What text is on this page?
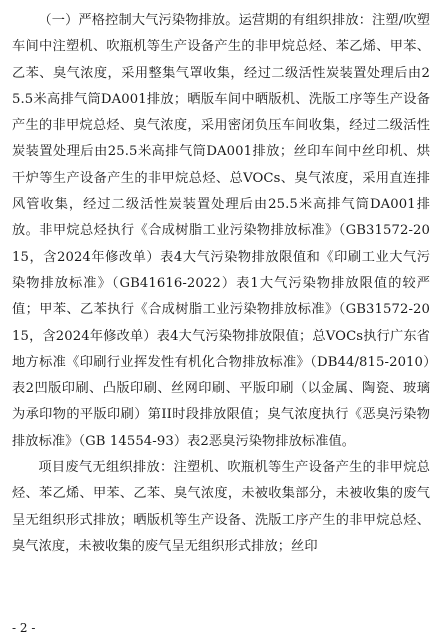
（一）严格控制大气污染物排放。运营期的有组织排放：注塑/吹塑车间中注塑机、吹瓶机等生产设备产生的非甲烷总烃、苯乙烯、甲苯、乙苯、臭气浓度，采用整集气罩收集，经过二级活性炭装置处理后由25.5米高排气筒DA001排放；晒版车间中晒版机、洗版工序等生产设备产生的非甲烷总烃、臭气浓度，采用密闭负压车间收集，经过二级活性炭装置处理后由25.5米高排气筒DA001排放；丝印车间中丝印机、烘干炉等生产设备产生的非甲烷总烃、总VOCs、臭气浓度，采用直连排风管收集，经过二级活性炭装置处理后由25.5米高排气筒DA001排放。非甲烷总烃执行《合成树脂工业污染物排放标准》（GB31572-2015，含2024年修改单）表4大气污染物排放限值和《印刷工业大气污染物排放标准》（GB41616-2022）表1大气污染物排放限值的较严值；甲苯、乙苯执行《合成树脂工业污染物排放标准》（GB31572-2015，含2024年修改单）表4大气污染物排放限值；总VOCs执行广东省地方标准《印刷行业挥发性有机化合物排放标准》（DB44/815-2010）表2凹版印刷、凸版印刷、丝网印刷、平版印刷（以金属、陶瓷、玻璃为承印物的平版印刷）第II时段排放限值；臭气浓度执行《恶臭污染物排放标准》（GB 14554-93）表2恶臭污染物排放标准值。

项目废气无组织排放：注塑机、吹瓶机等生产设备产生的非甲烷总烃、苯乙烯、甲苯、乙苯、臭气浓度，未被收集部分，未被收集的废气呈无组织形式排放；晒版机等生产设备、洗版工序产生的非甲烷总烃、臭气浓度，未被收集的废气呈无组织形式排放；丝印

- 2 -
